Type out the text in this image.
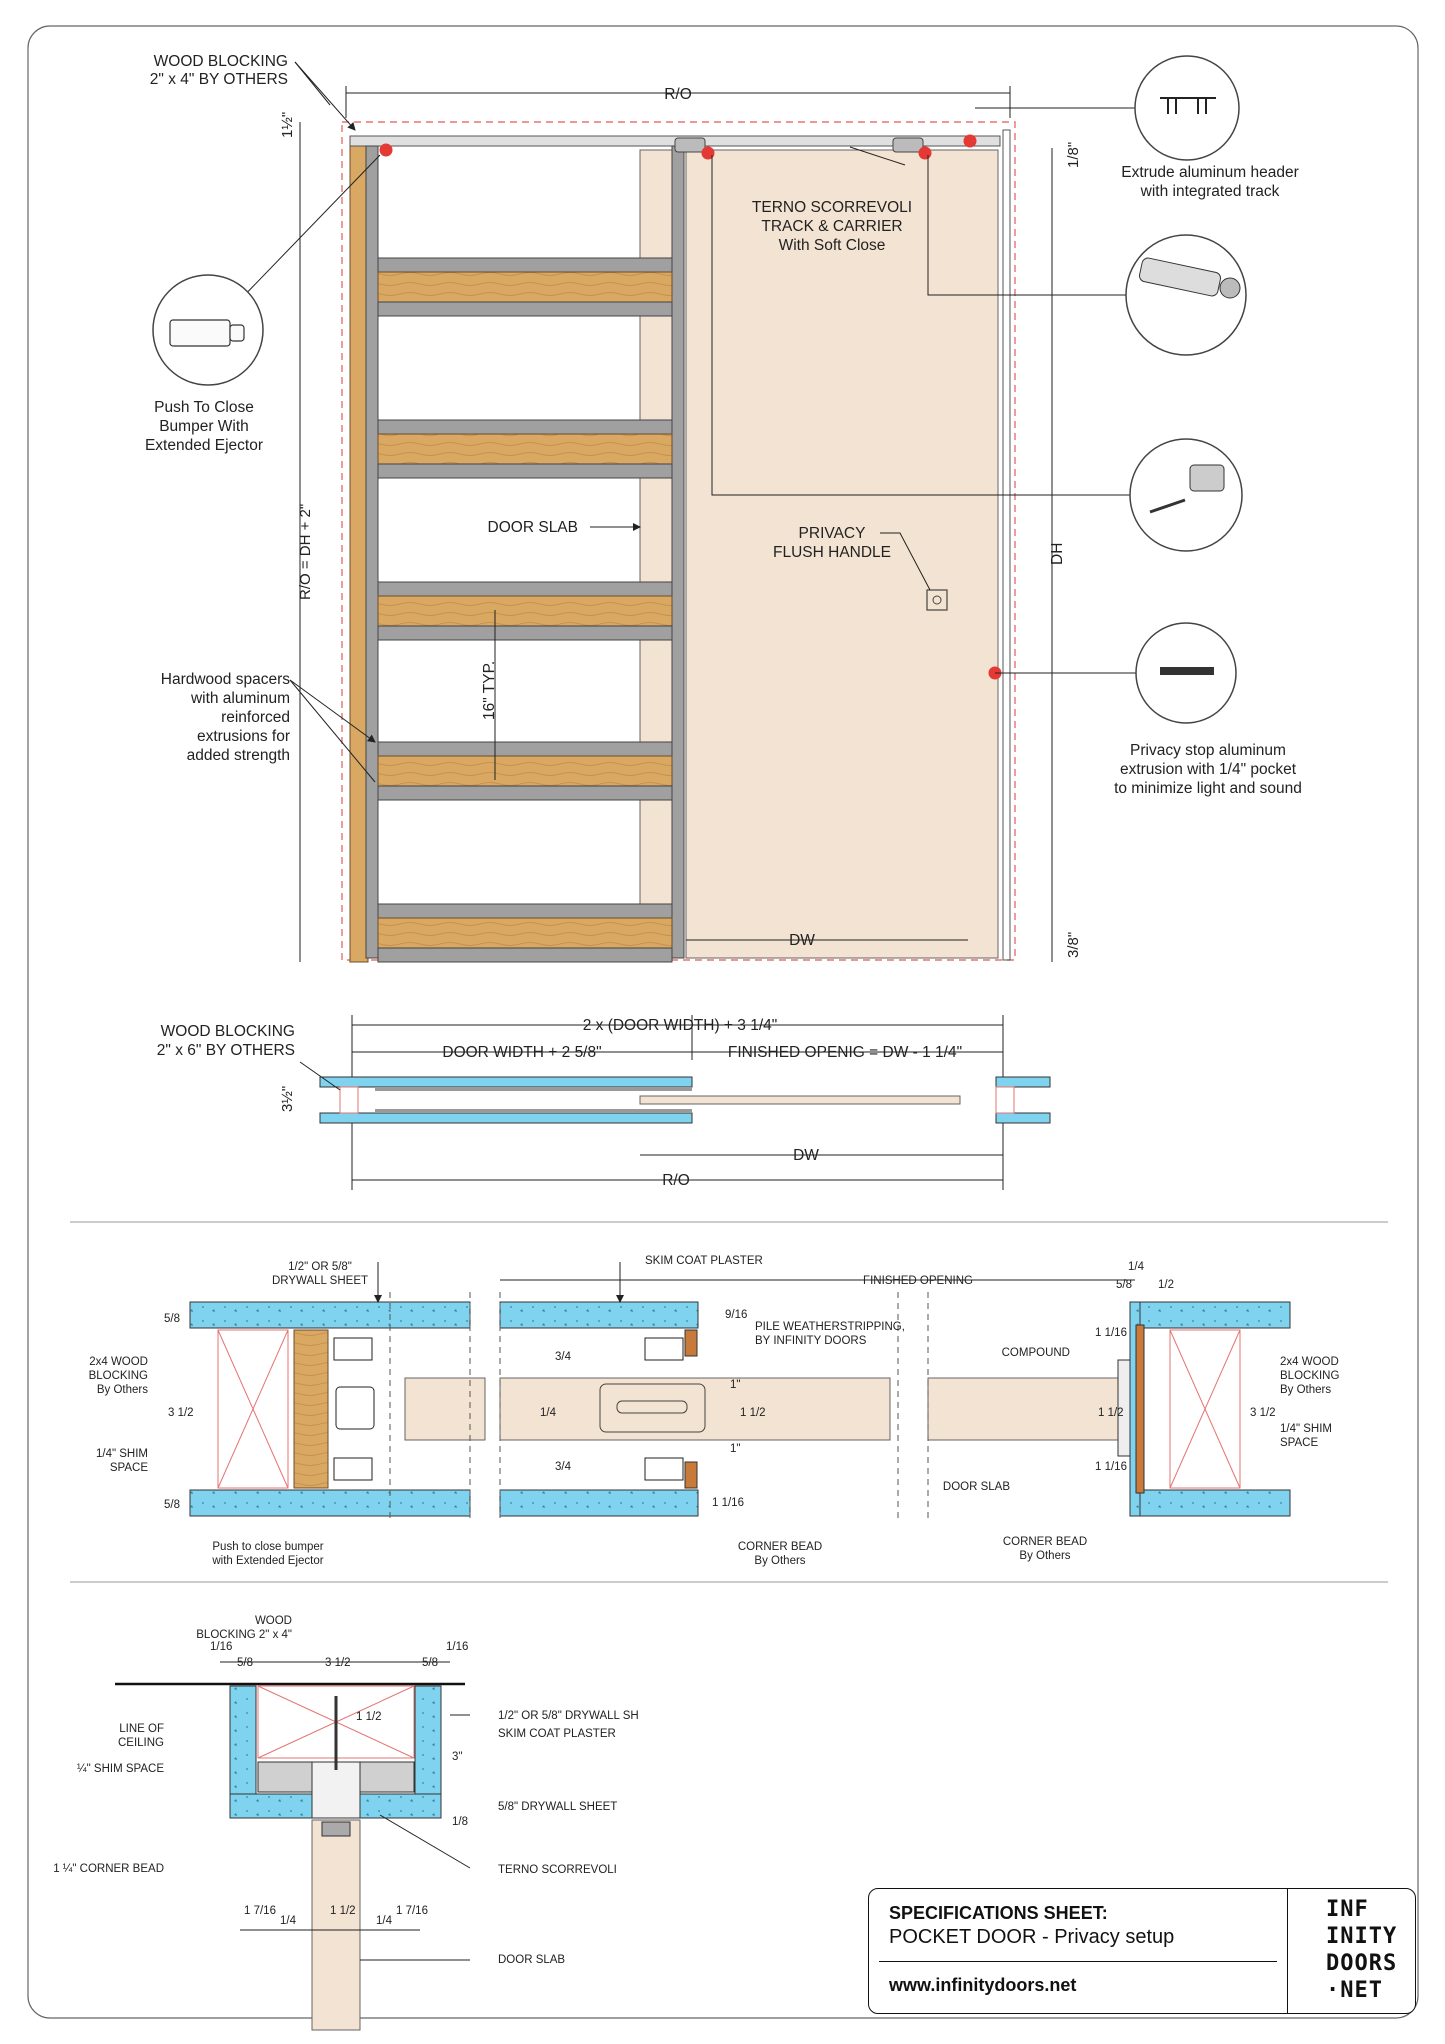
R/O
WOOD BLOCKING 2" x 4" BY OTHERS
1½"
R/O = DH + 2"
1/8"
DH
3/8"
16" TYP.
DOOR SLAB	PRIVACY FLUSH HANDLE
TERNO SCORREVOLI TRACK & CARRIER With Soft Close
DW
Push To Close Bumper With Extended Ejector
Hardwood spacers with aluminum reinforced extrusions for added strength
Extrude aluminum header with integrated track
Privacy stop aluminum extrusion with 1/4" pocket to minimize light and sound
WOOD BLOCKING 2" x 6" BY OTHERS
2 x (DOOR WIDTH) + 3 1/4"
DOOR WIDTH + 2 5/8"	FINISHED OPENIG = DW - 1 1/4"
3½"
DW
R/O
1/2" OR 5/8" DRYWALL SHEET
SKIM COAT PLASTER
FINISHED OPENING
PILE WEATHERSTRIPPING, BY INFINITY DOORS
COMPOUND
2x4 WOOD BLOCKING By Others
2x4 WOOD BLOCKING By Others
1/4" SHIM SPACE
1/4" SHIM SPACE
Push to close bumper with Extended Ejector
CORNER BEAD By Others
CORNER BEAD By Others
DOOR SLAB
5/8
5/8
3 1/2
3/4
3/4
1"
1"
1 1/2
1/4
9/16
1 1/16
1 1/16
1 1/16
1 1/2	3 1/2
1/4
5/8 1/2
WOOD BLOCKING 2" x 4"
LINE OF CEILING
¼" SHIM SPACE
1 ¼" CORNER BEAD
1/2" OR 5/8" DRYWALL SH
SKIM COAT PLASTER
5/8" DRYWALL SHEET
TERNO SCORREVOLI
DOOR SLAB
1/16
5/8	3 1/2	5/8
1/16
1 1/2
3"
1/8
1 7/16
1/4
1 1/2
1/4
1 7/16	SPECIFICATIONS SHEET:
POCKET DOOR - Privacy setup
www.infinitydoors.net
INF
INITY
DOORS
·NET
